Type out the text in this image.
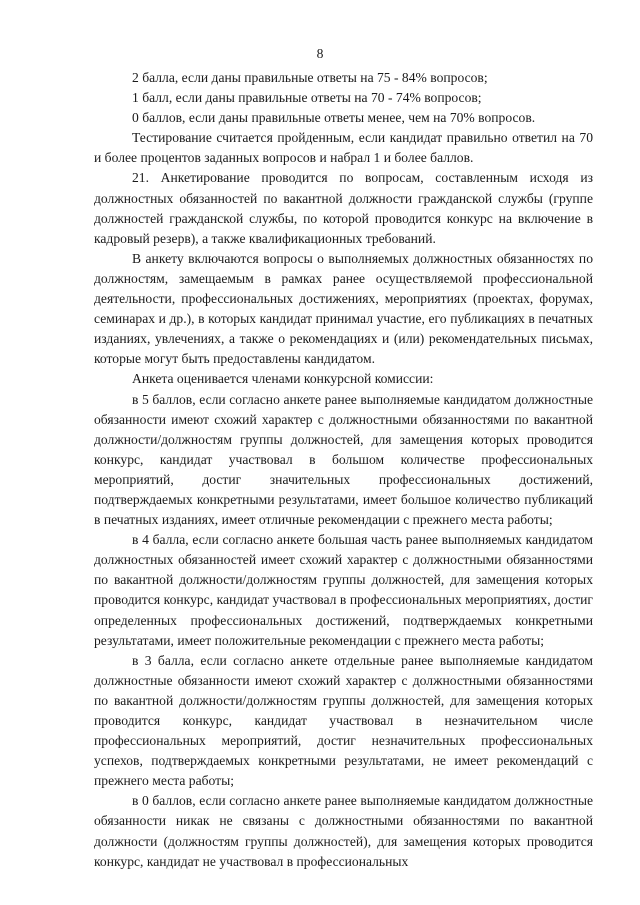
8

2 балла, если даны правильные ответы на 75 - 84% вопросов;

1 балл, если даны правильные ответы на 70 - 74% вопросов;

0 баллов, если даны правильные ответы менее, чем на 70% вопросов.

Тестирование считается пройденным, если кандидат правильно ответил на 70 и более процентов заданных вопросов и набрал 1 и более баллов.

21. Анкетирование проводится по вопросам, составленным исходя из должностных обязанностей по вакантной должности гражданской службы (группе должностей гражданской службы, по которой проводится конкурс на включение в кадровый резерв), а также квалификационных требований.

В анкету включаются вопросы о выполняемых должностных обязанностях по должностям, замещаемым в рамках ранее осуществляемой профессиональной деятельности, профессиональных достижениях, мероприятиях (проектах, форумах, семинарах и др.), в которых кандидат принимал участие, его публикациях в печатных изданиях, увлечениях, а также о рекомендациях и (или) рекомендательных письмах, которые могут быть предоставлены кандидатом.

Анкета оценивается членами конкурсной комиссии:

в 5 баллов, если согласно анкете ранее выполняемые кандидатом должностные обязанности имеют схожий характер с должностными обязанностями по вакантной должности/должностям группы должностей, для замещения которых проводится конкурс, кандидат участвовал в большом количестве профессиональных мероприятий, достиг значительных профессиональных достижений, подтверждаемых конкретными результатами, имеет большое количество публикаций в печатных изданиях, имеет отличные рекомендации с прежнего места работы;

в 4 балла, если согласно анкете большая часть ранее выполняемых кандидатом должностных обязанностей имеет схожий характер с должностными обязанностями по вакантной должности/должностям группы должностей, для замещения которых проводится конкурс, кандидат участвовал в профессиональных мероприятиях, достиг определенных профессиональных достижений, подтверждаемых конкретными результатами, имеет положительные рекомендации с прежнего места работы;

в 3 балла, если согласно анкете отдельные ранее выполняемые кандидатом должностные обязанности имеют схожий характер с должностными обязанностями по вакантной должности/должностям группы должностей, для замещения которых проводится конкурс, кандидат участвовал в незначительном числе профессиональных мероприятий, достиг незначительных профессиональных успехов, подтверждаемых конкретными результатами, не имеет рекомендаций с прежнего места работы;

в 0 баллов, если согласно анкете ранее выполняемые кандидатом должностные обязанности никак не связаны с должностными обязанностями по вакантной должности (должностям группы должностей), для замещения которых проводится конкурс, кандидат не участвовал в профессиональных
